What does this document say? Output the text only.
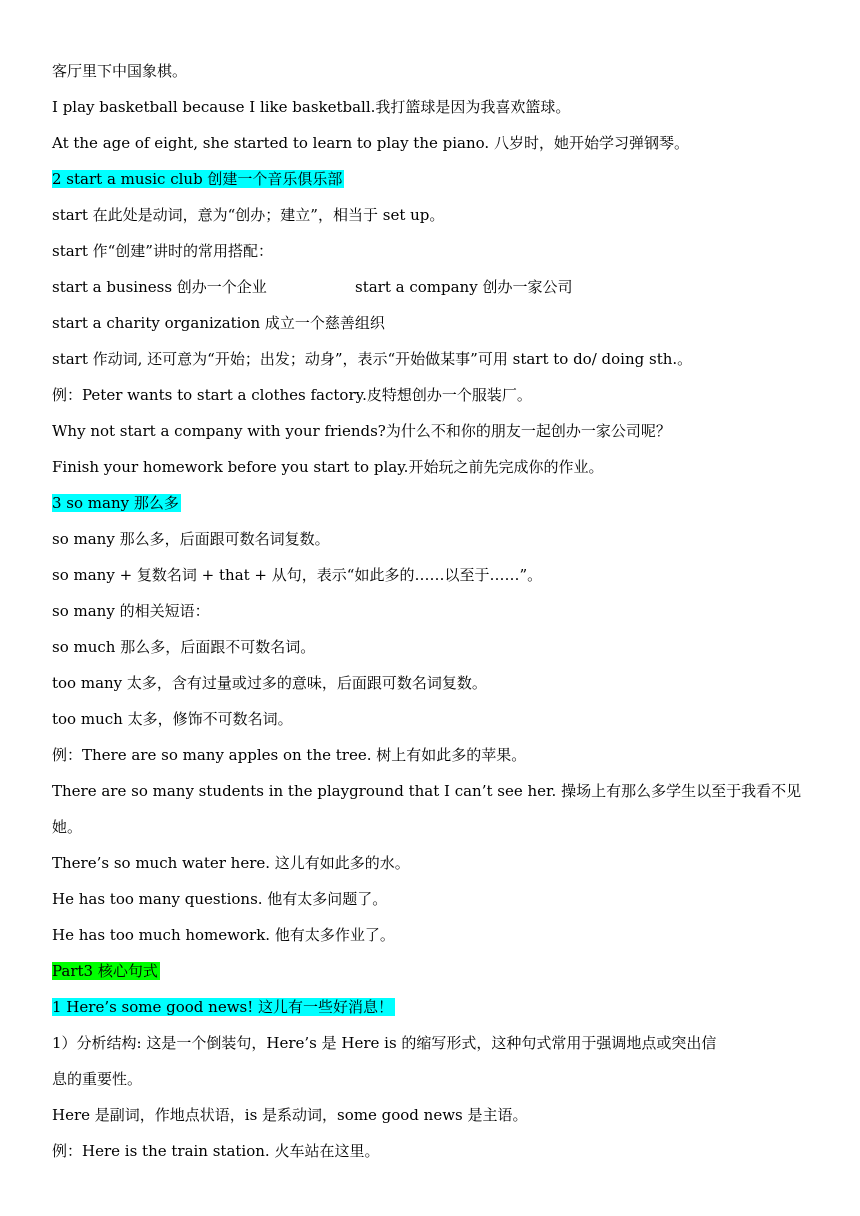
客厅里下中国象棋。
I play basketball because I like basketball.我打篮球是因为我喜欢篮球。
At the age of eight, she started to learn to play the piano. 八岁时，她开始学习弹钢琴。
2 start a music club 创建一个音乐俱乐部
start 在此处是动词，意为“创办；建立”，相当于 set up。
start 作“创建”讲时的常用搭配：
start a business 创办一个企业	start a company 创办一家公司
start a charity organization 成立一个慈善组织
start 作动词, 还可意为“开始；出发；动身”，表示“开始做某事”可用 start to do/ doing sth.。
例：Peter wants to start a clothes factory.皮特想创办一个服装厂。
Why not start a company with your friends?为什么不和你的朋友一起创办一家公司呢？
Finish your homework before you start to play.开始玩之前先完成你的作业。
3 so many 那么多
so many 那么多，后面跟可数名词复数。
so many + 复数名词 + that + 从句，表示“如此多的……以至于……”。
so many 的相关短语：
so much 那么多，后面跟不可数名词。
too many 太多，含有过量或过多的意味，后面跟可数名词复数。
too much 太多，修饰不可数名词。
例：There are so many apples on the tree. 树上有如此多的苹果。
There are so many students in the playground that I can’t see her. 操场上有那么多学生以至于我看不见
她。
There’s so much water here. 这儿有如此多的水。
He has too many questions. 他有太多问题了。
He has too much homework. 他有太多作业了。
Part3 核心句式
1 Here’s some good news! 这儿有一些好消息！
1）分析结构: 这是一个倒装句，Here’s 是 Here is 的缩写形式，这种句式常用于强调地点或突出信
息的重要性。
Here 是副词，作地点状语，is 是系动词，some good news 是主语。
例：Here is the train station. 火车站在这里。
